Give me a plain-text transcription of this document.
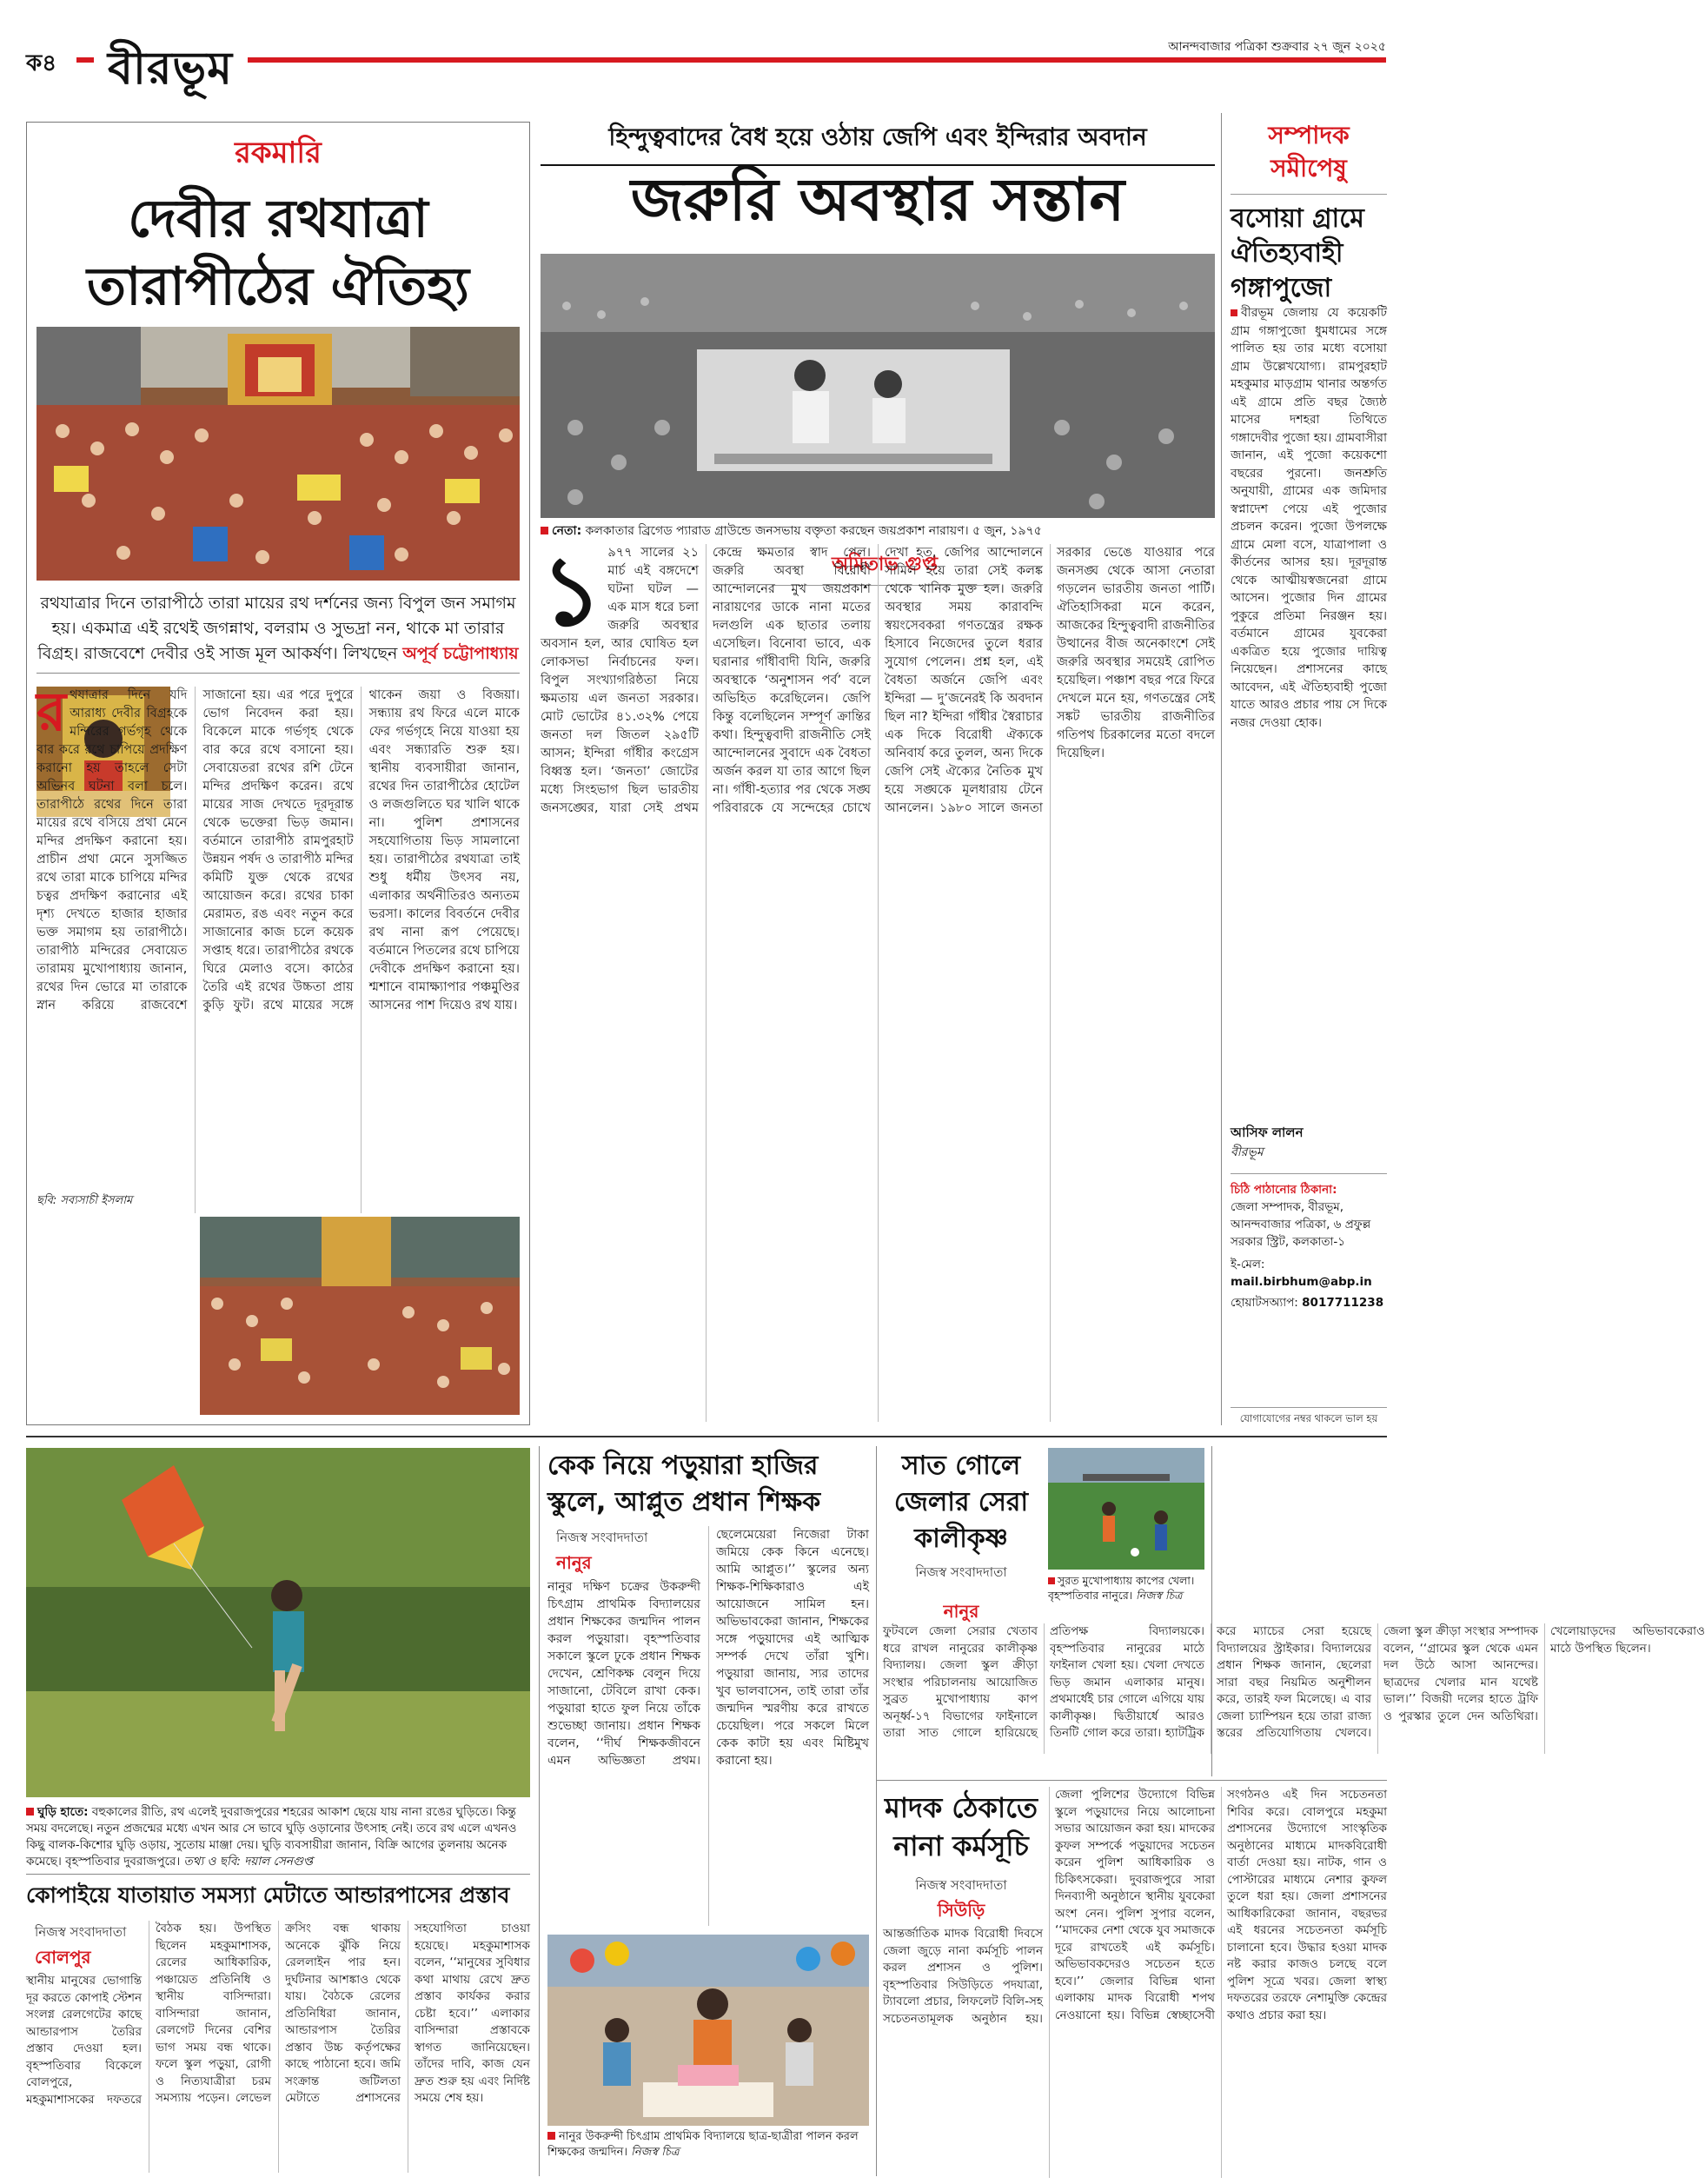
ক৪ বীরভূম	আনন্দবাজার পত্রিকা শুক্রবার ২৭ জুন ২০২৫
রকমারি
দেবীর রথযাত্রা
তারাপীঠের ঐতিহ্য
রথযাত্রার দিনে তারাপীঠে তারা মায়ের রথ দর্শনের জন্য বিপুল জন সমাগম হয়। একমাত্র এই রথেই জগন্নাথ, বলরাম ও সুভদ্রা নন, থাকে মা তারার বিগ্রহ। রাজবেশে দেবীর ওই সাজ মূল আকর্ষণ। লিখছেন অপূর্ব চট্টোপাধ্যায়
রথযাত্রার দিনে যদি আরাধ্য দেবীর বিগ্রহকে মন্দিরের গর্ভগৃহ থেকে বার করে রথে চাপিয়ে প্রদক্ষিণ করানো হয় তাহলে সেটা অভিনব ঘটনা বলা চলে। তারাপীঠে রথের দিনে তারা মায়ের রথে বসিয়ে প্রথা মেনে মন্দির প্রদক্ষিণ করানো হয়। প্রাচীন প্রথা মেনে সুসজ্জিত রথে তারা মাকে চাপিয়ে মন্দির চত্বর প্রদক্ষিণ করানোর এই দৃশ্য দেখতে হাজার হাজার ভক্ত সমাগম হয় তারাপীঠে। তারাপীঠ মন্দিরের সেবায়েত তারাময় মুখোপাধ্যায় জানান, রথের দিন ভোরে মা তারাকে স্নান করিয়ে রাজবেশে সাজানো হয়। এর পরে দুপুরে ভোগ নিবেদন করা হয়। বিকেলে মাকে গর্ভগৃহ থেকে বার করে রথে বসানো হয়। সেবায়েতরা রথের রশি টেনে মন্দির প্রদক্ষিণ করেন। রথে মায়ের সাজ দেখতে দূরদূরান্ত থেকে ভক্তেরা ভিড় জমান। বর্তমানে তারাপীঠ রামপুরহাট উন্নয়ন পর্ষদ ও তারাপীঠ মন্দির কমিটি যুক্ত থেকে রথের আয়োজন করে। রথের চাকা মেরামত, রঙ এবং নতুন করে সাজানোর কাজ চলে কয়েক সপ্তাহ ধরে। তারাপীঠের রথকে ঘিরে মেলাও বসে। কাঠের তৈরি এই রথের উচ্চতা প্রায় কুড়ি ফুট। রথে মায়ের সঙ্গে থাকেন জয়া ও বিজয়া। সন্ধ্যায় রথ ফিরে এলে মাকে ফের গর্ভগৃহে নিয়ে যাওয়া হয় এবং সন্ধ্যারতি শুরু হয়। স্থানীয় ব্যবসায়ীরা জানান, রথের দিন তারাপীঠের হোটেল ও লজগুলিতে ঘর খালি থাকে না। পুলিশ প্রশাসনের সহযোগিতায় ভিড় সামলানো হয়। তারাপীঠের রথযাত্রা তাই শুধু ধর্মীয় উৎসব নয়, এলাকার অর্থনীতিরও অন্যতম ভরসা। কালের বিবর্তনে দেবীর রথ নানা রূপ পেয়েছে। বর্তমানে পিতলের রথে চাপিয়ে দেবীকে প্রদক্ষিণ করানো হয়। শ্মশানে বামাক্ষ্যাপার পঞ্চমুণ্ডির আসনের পাশ দিয়েও রথ যায়।
ছবি: সব্যসাচী ইসলাম
হিন্দুত্ববাদের বৈধ হয়ে ওঠায় জেপি এবং ইন্দিরার অবদান
জরুরি অবস্থার সন্তান
নেতা: কলকাতার ব্রিগেড প্যারাড গ্রাউন্ডে জনসভায় বক্তৃতা করছেন জয়প্রকাশ নারায়ণ। ৫ জুন, ১৯৭৫
অমিতাভ গুপ্ত
১ ৯৭৭ সালের ২১ মার্চ এই বঙ্গদেশে ঘটনা ঘটল — এক মাস ধরে চলা জরুরি অবস্থার অবসান হল, আর ঘোষিত হল লোকসভা নির্বাচনের ফল। বিপুল সংখ্যাগরিষ্ঠতা নিয়ে ক্ষমতায় এল জনতা সরকার। মোট ভোটের ৪১.৩২% পেয়ে জনতা দল জিতল ২৯৫টি আসন; ইন্দিরা গাঁধীর কংগ্রেস বিধ্বস্ত হল। ‘জনতা’ জোটের মধ্যে সিংহভাগ ছিল ভারতীয় জনসঙ্ঘের, যারা সেই প্রথম কেন্দ্রে ক্ষমতার স্বাদ পেল। জরুরি অবস্থা বিরোধী আন্দোলনের মুখ জয়প্রকাশ নারায়ণের ডাকে নানা মতের দলগুলি এক ছাতার তলায় এসেছিল। বিনোবা ভাবে, এক ঘরানার গাঁধীবাদী যিনি, জরুরি অবস্থাকে ‘অনুশাসন পর্ব’ বলে অভিহিত করেছিলেন। জেপি কিন্তু বলেছিলেন সম্পূর্ণ ক্রান্তির কথা। হিন্দুত্ববাদী রাজনীতি সেই আন্দোলনের সুবাদে এক বৈধতা অর্জন করল যা তার আগে ছিল না। গাঁধী-হত্যার পর থেকে সঙ্ঘ পরিবারকে যে সন্দেহের চোখে দেখা হত, জেপির আন্দোলনে সামিল হয়ে তারা সেই কলঙ্ক থেকে খানিক মুক্ত হল। জরুরি অবস্থার সময় কারাবন্দি স্বয়ংসেবকরা গণতন্ত্রের রক্ষক হিসাবে নিজেদের তুলে ধরার সুযোগ পেলেন। প্রশ্ন হল, এই বৈধতা অর্জনে জেপি এবং ইন্দিরা — দু’জনেরই কি অবদান ছিল না? ইন্দিরা গাঁধীর স্বৈরাচার এক দিকে বিরোধী ঐক্যকে অনিবার্য করে তুলল, অন্য দিকে জেপি সেই ঐক্যের নৈতিক মুখ হয়ে সঙ্ঘকে মূলধারায় টেনে আনলেন। ১৯৮০ সালে জনতা সরকার ভেঙে যাওয়ার পরে জনসঙ্ঘ থেকে আসা নেতারা গড়লেন ভারতীয় জনতা পার্টি। ঐতিহাসিকরা মনে করেন, আজকের হিন্দুত্ববাদী রাজনীতির উত্থানের বীজ অনেকাংশে সেই জরুরি অবস্থার সময়েই রোপিত হয়েছিল। পঞ্চাশ বছর পরে ফিরে দেখলে মনে হয়, গণতন্ত্রের সেই সঙ্কট ভারতীয় রাজনীতির গতিপথ চিরকালের মতো বদলে দিয়েছিল।
সম্পাদক
সমীপেষু
বসোয়া গ্রামে ঐতিহ্যবাহী গঙ্গাপুজো
বীরভূম জেলায় যে কয়েকটি গ্রাম গঙ্গাপুজো ধুমধামের সঙ্গে পালিত হয় তার মধ্যে বসোয়া গ্রাম উল্লেখযোগ্য। রামপুরহাট মহকুমার মাড়গ্রাম থানার অন্তর্গত এই গ্রামে প্রতি বছর জ্যৈষ্ঠ মাসের দশহরা তিথিতে গঙ্গাদেবীর পুজো হয়। গ্রামবাসীরা জানান, এই পুজো কয়েকশো বছরের পুরনো। জনশ্রুতি অনুযায়ী, গ্রামের এক জমিদার স্বপ্নাদেশ পেয়ে এই পুজোর প্রচলন করেন। পুজো উপলক্ষে গ্রামে মেলা বসে, যাত্রাপালা ও কীর্তনের আসর হয়। দূরদূরান্ত থেকে আত্মীয়স্বজনেরা গ্রামে আসেন। পুজোর দিন গ্রামের পুকুরে প্রতিমা নিরঞ্জন হয়। বর্তমানে গ্রামের যুবকেরা একত্রিত হয়ে পুজোর দায়িত্ব নিয়েছেন। প্রশাসনের কাছে আবেদন, এই ঐতিহ্যবাহী পুজো যাতে আরও প্রচার পায় সে দিকে নজর দেওয়া হোক।
আসিফ লালন
বীরভূম
চিঠি পাঠানোর ঠিকানা:
জেলা সম্পাদক, বীরভূম, আনন্দবাজার পত্রিকা, ৬ প্রফুল্ল সরকার স্ট্রিট, কলকাতা-১
ই-মেল: mail.birbhum@abp.in
হোয়াটসঅ্যাপ: 8017711238
যোগাযোগের নম্বর থাকলে ভাল হয়
ঘুড়ি হাতে: বহুকালের রীতি, রথ এলেই দুবরাজপুরের শহরের আকাশ ছেয়ে যায় নানা রঙের ঘুড়িতে। কিন্তু সময় বদলেছে। নতুন প্রজন্মের মধ্যে এখন আর সে ভাবে ঘুড়ি ওড়ানোর উৎসাহ নেই। তবে রথ এলে এখনও কিছু বালক-কিশোর ঘুড়ি ওড়ায়, সুতোয় মাঞ্জা দেয়। ঘুড়ি ব্যবসায়ীরা জানান, বিক্রি আগের তুলনায় অনেক কমেছে। বৃহস্পতিবার দুবরাজপুরে। তথ্য ও ছবি: দয়াল সেনগুপ্ত
কোপাইয়ে যাতায়াত সমস্যা মেটাতে আন্ডারপাসের প্রস্তাব
নিজস্ব সংবাদদাতা
বোলপুর
স্থানীয় মানুষের ভোগান্তি দূর করতে কোপাই স্টেশন সংলগ্ন রেলগেটের কাছে আন্ডারপাস তৈরির প্রস্তাব দেওয়া হল। বৃহস্পতিবার বিকেলে বোলপুরে, মহকুমাশাসকের দফতরে বৈঠক হয়। উপস্থিত ছিলেন মহকুমাশাসক, রেলের আধিকারিক, পঞ্চায়েত প্রতিনিধি ও স্থানীয় বাসিন্দারা। বাসিন্দারা জানান, রেলগেট দিনের বেশির ভাগ সময় বন্ধ থাকে। ফলে স্কুল পড়ুয়া, রোগী ও নিত্যযাত্রীরা চরম সমস্যায় পড়েন। লেভেল ক্রসিং বন্ধ থাকায় অনেকে ঝুঁকি নিয়ে রেললাইন পার হন। দুর্ঘটনার আশঙ্কাও থেকে যায়। বৈঠকে রেলের প্রতিনিধিরা জানান, আন্ডারপাস তৈরির প্রস্তাব উচ্চ কর্তৃপক্ষের কাছে পাঠানো হবে। জমি সংক্রান্ত জটিলতা মেটাতে প্রশাসনের সহযোগিতা চাওয়া হয়েছে। মহকুমাশাসক বলেন, ‘‘মানুষের সুবিধার কথা মাথায় রেখে দ্রুত প্রস্তাব কার্যকর করার চেষ্টা হবে।’’ এলাকার বাসিন্দারা প্রস্তাবকে স্বাগত জানিয়েছেন। তাঁদের দাবি, কাজ যেন দ্রুত শুরু হয় এবং নির্দিষ্ট সময়ে শেষ হয়।
কেক নিয়ে পড়ুয়ারা হাজির স্কুলে, আপ্লুত প্রধান শিক্ষক
নিজস্ব সংবাদদাতা
নানুর
নানুর দক্ষিণ চক্রের উকরুন্দী চিৎগ্রাম প্রাথমিক বিদ্যালয়ের প্রধান শিক্ষকের জন্মদিন পালন করল পড়ুয়ারা। বৃহস্পতিবার সকালে স্কুলে ঢুকে প্রধান শিক্ষক দেখেন, শ্রেণিকক্ষ বেলুন দিয়ে সাজানো, টেবিলে রাখা কেক। পড়ুয়ারা হাতে ফুল নিয়ে তাঁকে শুভেচ্ছা জানায়। প্রধান শিক্ষক বলেন, ‘‘দীর্ঘ শিক্ষকজীবনে এমন অভিজ্ঞতা প্রথম। ছেলেমেয়েরা নিজেরা টাকা জমিয়ে কেক কিনে এনেছে। আমি আপ্লুত।’’ স্কুলের অন্য শিক্ষক-শিক্ষিকারাও এই আয়োজনে সামিল হন। অভিভাবকেরা জানান, শিক্ষকের সঙ্গে পড়ুয়াদের এই আত্মিক সম্পর্ক দেখে তাঁরা খুশি। পড়ুয়ারা জানায়, স্যর তাদের খুব ভালবাসেন, তাই তারা তাঁর জন্মদিন স্মরণীয় করে রাখতে চেয়েছিল। পরে সকলে মিলে কেক কাটা হয় এবং মিষ্টিমুখ করানো হয়।
নানুর উকরুন্দী চিৎগ্রাম প্রাথমিক বিদ্যালয়ে ছাত্র-ছাত্রীরা পালন করল শিক্ষকের জন্মদিন। নিজস্ব চিত্র
সাত গোলে জেলার সেরা কালীকৃষ্ণ
নিজস্ব সংবাদদাতা
সুরত মুখোপাধ্যায় কাপের খেলা। বৃহস্পতিবার নানুরে। নিজস্ব চিত্র
নানুর
ফুটবলে জেলা সেরার খেতাব ধরে রাখল নানুরের কালীকৃষ্ণ বিদ্যালয়। জেলা স্কুল ক্রীড়া সংস্থার পরিচালনায় আয়োজিত সুব্রত মুখোপাধ্যায় কাপ অনূর্ধ্ব-১৭ বিভাগের ফাইনালে তারা সাত গোলে হারিয়েছে প্রতিপক্ষ বিদ্যালয়কে। বৃহস্পতিবার নানুরের মাঠে ফাইনাল খেলা হয়। খেলা দেখতে ভিড় জমান এলাকার মানুষ। প্রথমার্ধেই চার গোলে এগিয়ে যায় কালীকৃষ্ণ। দ্বিতীয়ার্ধে আরও তিনটি গোল করে তারা। হ্যাটট্রিক করে ম্যাচের সেরা হয়েছে বিদ্যালয়ের স্ট্রাইকার। বিদ্যালয়ের প্রধান শিক্ষক জানান, ছেলেরা সারা বছর নিয়মিত অনুশীলন করে, তারই ফল মিলেছে। এ বার জেলা চ্যাম্পিয়ন হয়ে তারা রাজ্য স্তরের প্রতিযোগিতায় খেলবে। জেলা স্কুল ক্রীড়া সংস্থার সম্পাদক বলেন, ‘‘গ্রামের স্কুল থেকে এমন দল উঠে আসা আনন্দের। ছাত্রদের খেলার মান যথেষ্ট ভাল।’’ বিজয়ী দলের হাতে ট্রফি ও পুরস্কার তুলে দেন অতিথিরা। খেলোয়াড়দের অভিভাবকেরাও মাঠে উপস্থিত ছিলেন।
মাদক ঠেকাতে
নানা কর্মসূচি
নিজস্ব সংবাদদাতা
সিউড়ি
আন্তর্জাতিক মাদক বিরোধী দিবসে জেলা জুড়ে নানা কর্মসূচি পালন করল প্রশাসন ও পুলিশ। বৃহস্পতিবার সিউড়িতে পদযাত্রা, ট্যাবলো প্রচার, লিফলেট বিলি-সহ সচেতনতামূলক অনুষ্ঠান হয়। জেলা পুলিশের উদ্যোগে বিভিন্ন স্কুলে পড়ুয়াদের নিয়ে আলোচনা সভার আয়োজন করা হয়। মাদকের কুফল সম্পর্কে পড়ুয়াদের সচেতন করেন পুলিশ আধিকারিক ও চিকিৎসকেরা। দুবরাজপুরে সারা দিনব্যাপী অনুষ্ঠানে স্থানীয় যুবকেরা অংশ নেন। পুলিশ সুপার বলেন, ‘‘মাদকের নেশা থেকে যুব সমাজকে দূরে রাখতেই এই কর্মসূচি। অভিভাবকদেরও সচেতন হতে হবে।’’ জেলার বিভিন্ন থানা এলাকায় মাদক বিরোধী শপথ নেওয়ানো হয়। বিভিন্ন স্বেচ্ছাসেবী সংগঠনও এই দিন সচেতনতা শিবির করে। বোলপুরে মহকুমা প্রশাসনের উদ্যোগে সাংস্কৃতিক অনুষ্ঠানের মাধ্যমে মাদকবিরোধী বার্তা দেওয়া হয়। নাটক, গান ও পোস্টারের মাধ্যমে নেশার কুফল তুলে ধরা হয়। জেলা প্রশাসনের আধিকারিকেরা জানান, বছরভর এই ধরনের সচেতনতা কর্মসূচি চালানো হবে। উদ্ধার হওয়া মাদক নষ্ট করার কাজও চলছে বলে পুলিশ সূত্রে খবর। জেলা স্বাস্থ্য দফতরের তরফে নেশামুক্তি কেন্দ্রের কথাও প্রচার করা হয়।
